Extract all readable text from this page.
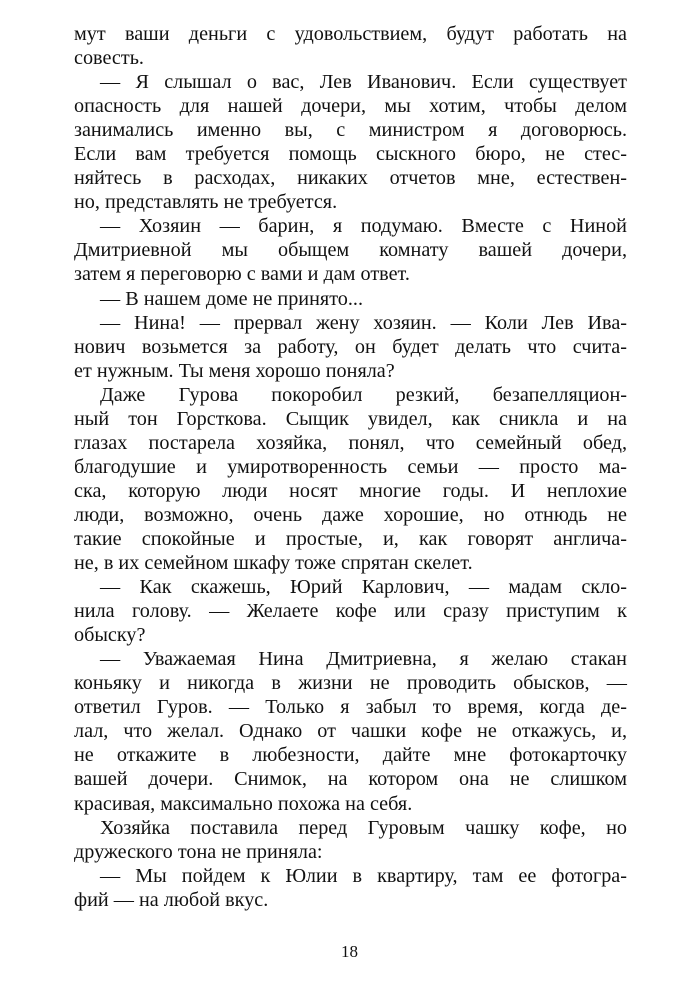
мут ваши деньги с удовольствием, будут работать на
совесть.
— Я слышал о вас, Лев Иванович. Если существует
опасность для нашей дочери, мы хотим, чтобы делом
занимались именно вы, с министром я договорюсь.
Если вам требуется помощь сыскного бюро, не стес-
няйтесь в расходах, никаких отчетов мне, естествен-
но, представлять не требуется.
— Хозяин — барин, я подумаю. Вместе с Ниной
Дмитриевной мы обыщем комнату вашей дочери,
затем я переговорю с вами и дам ответ.
— В нашем доме не принято...
— Нина! — прервал жену хозяин. — Коли Лев Ива-
нович возьмется за работу, он будет делать что счита-
ет нужным. Ты меня хорошо поняла?
Даже Гурова покоробил резкий, безапелляцион-
ный тон Горсткова. Сыщик увидел, как сникла и на
глазах постарела хозяйка, понял, что семейный обед,
благодушие и умиротворенность семьи — просто ма-
ска, которую люди носят многие годы. И неплохие
люди, возможно, очень даже хорошие, но отнюдь не
такие спокойные и простые, и, как говорят англича-
не, в их семейном шкафу тоже спрятан скелет.
— Как скажешь, Юрий Карлович, — мадам скло-
нила голову. — Желаете кофе или сразу приступим к
обыску?
— Уважаемая Нина Дмитриевна, я желаю стакан
коньяку и никогда в жизни не проводить обысков, —
ответил Гуров. — Только я забыл то время, когда де-
лал, что желал. Однако от чашки кофе не откажусь, и,
не откажите в любезности, дайте мне фотокарточку
вашей дочери. Снимок, на котором она не слишком
красивая, максимально похожа на себя.
Хозяйка поставила перед Гуровым чашку кофе, но
дружеского тона не приняла:
— Мы пойдем к Юлии в квартиру, там ее фотогра-
фий — на любой вкус.
18
